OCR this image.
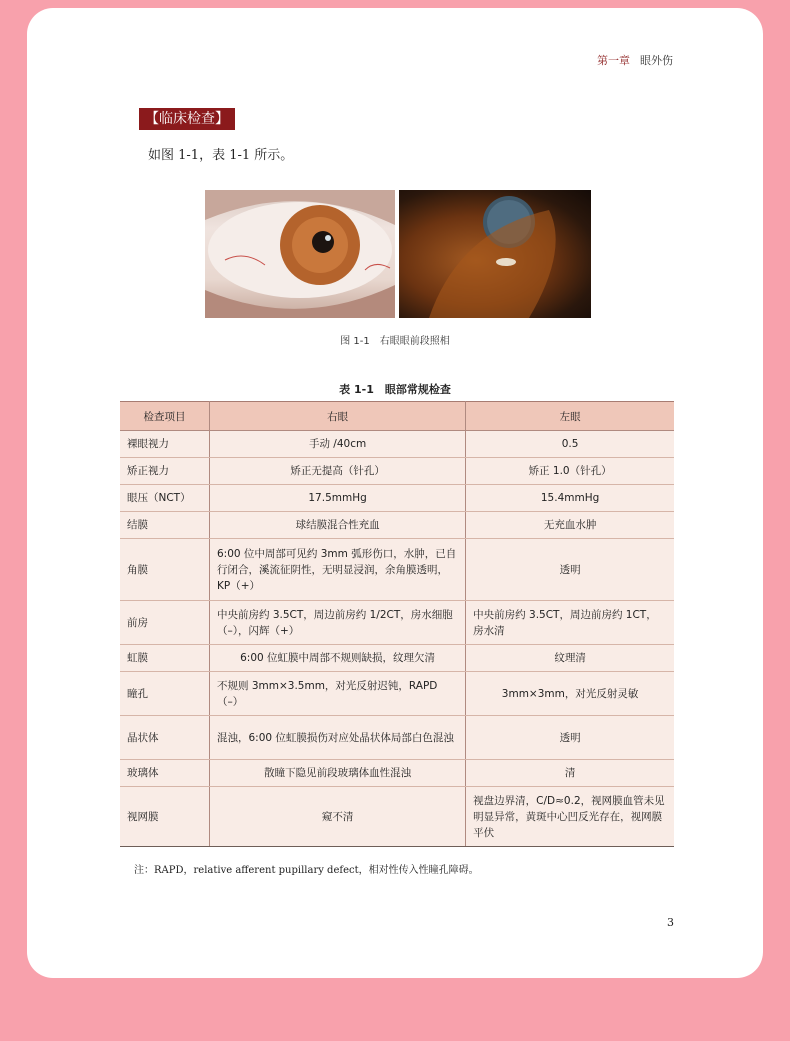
第一章 眼外伤
【临床检查】
如图 1-1，表 1-1 所示。
图 1-1　右眼眼前段照相
表 1-1　眼部常规检查
检查项目	右眼	左眼
裸眼视力	手动 /40cm	0.5
矫正视力	矫正无提高（针孔）	矫正 1.0（针孔）
眼压（NCT）	17.5mmHg	15.4mmHg
结膜	球结膜混合性充血	无充血水肿
角膜	6:00 位中周部可见约 3mm 弧形伤口，水肿，已自行闭合，溪流征阴性，无明显浸润，余角膜透明，KP（+）	透明
前房	中央前房约 3.5CT，周边前房约 1/2CT，房水细胞（–），闪辉（+）	中央前房约 3.5CT，周边前房约 1CT，房水清
虹膜	6:00 位虹膜中周部不规则缺损，纹理欠清	纹理清
瞳孔	不规则 3mm×3.5mm，对光反射迟钝，RAPD（–）	3mm×3mm，对光反射灵敏
晶状体	混浊，6:00 位虹膜损伤对应处晶状体局部白色混浊	透明
玻璃体	散瞳下隐见前段玻璃体血性混浊	清
视网膜	窥不清	视盘边界清，C/D≈0.2，视网膜血管未见明显异常，黄斑中心凹反光存在，视网膜平伏
注：RAPD，relative afferent pupillary defect，相对性传入性瞳孔障碍。
3
